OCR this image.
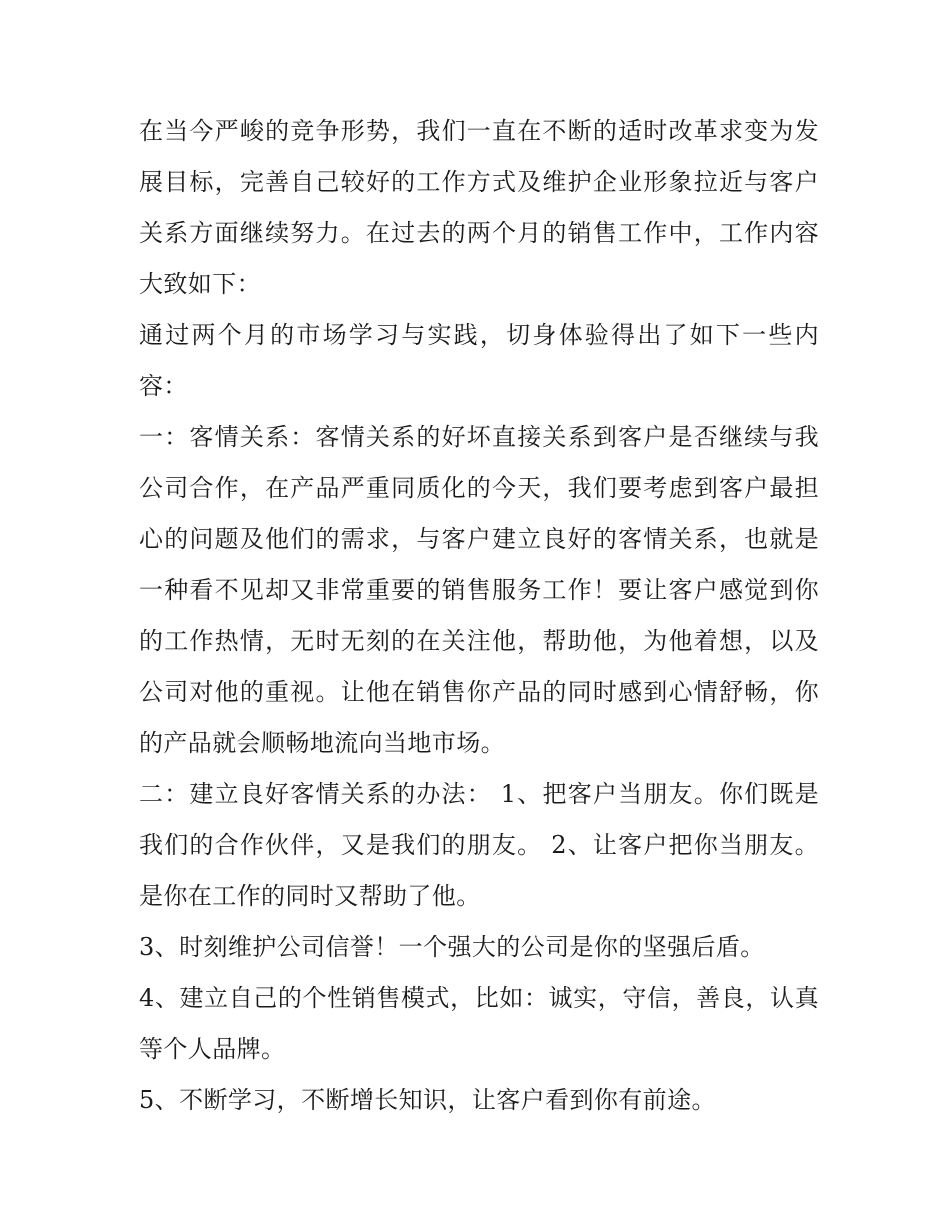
在当今严峻的竞争形势，我们一直在不断的适时改革求变为发展目标，完善自己较好的工作方式及维护企业形象拉近与客户关系方面继续努力。在过去的两个月的销售工作中，工作内容大致如下：

通过两个月的市场学习与实践，切身体验得出了如下一些内容：

一：客情关系：客情关系的好坏直接关系到客户是否继续与我公司合作，在产品严重同质化的今天，我们要考虑到客户最担心的问题及他们的需求，与客户建立良好的客情关系，也就是一种看不见却又非常重要的销售服务工作！要让客户感觉到你的工作热情，无时无刻的在关注他，帮助他，为他着想，以及公司对他的重视。让他在销售你产品的同时感到心情舒畅，你的产品就会顺畅地流向当地市场。

二：建立良好客情关系的办法： 1、把客户当朋友。你们既是我们的合作伙伴，又是我们的朋友。 2、让客户把你当朋友。是你在工作的同时又帮助了他。

3、时刻维护公司信誉！一个强大的公司是你的坚强后盾。

4、建立自己的个性销售模式，比如：诚实，守信，善良，认真等个人品牌。

5、不断学习，不断增长知识，让客户看到你有前途。
